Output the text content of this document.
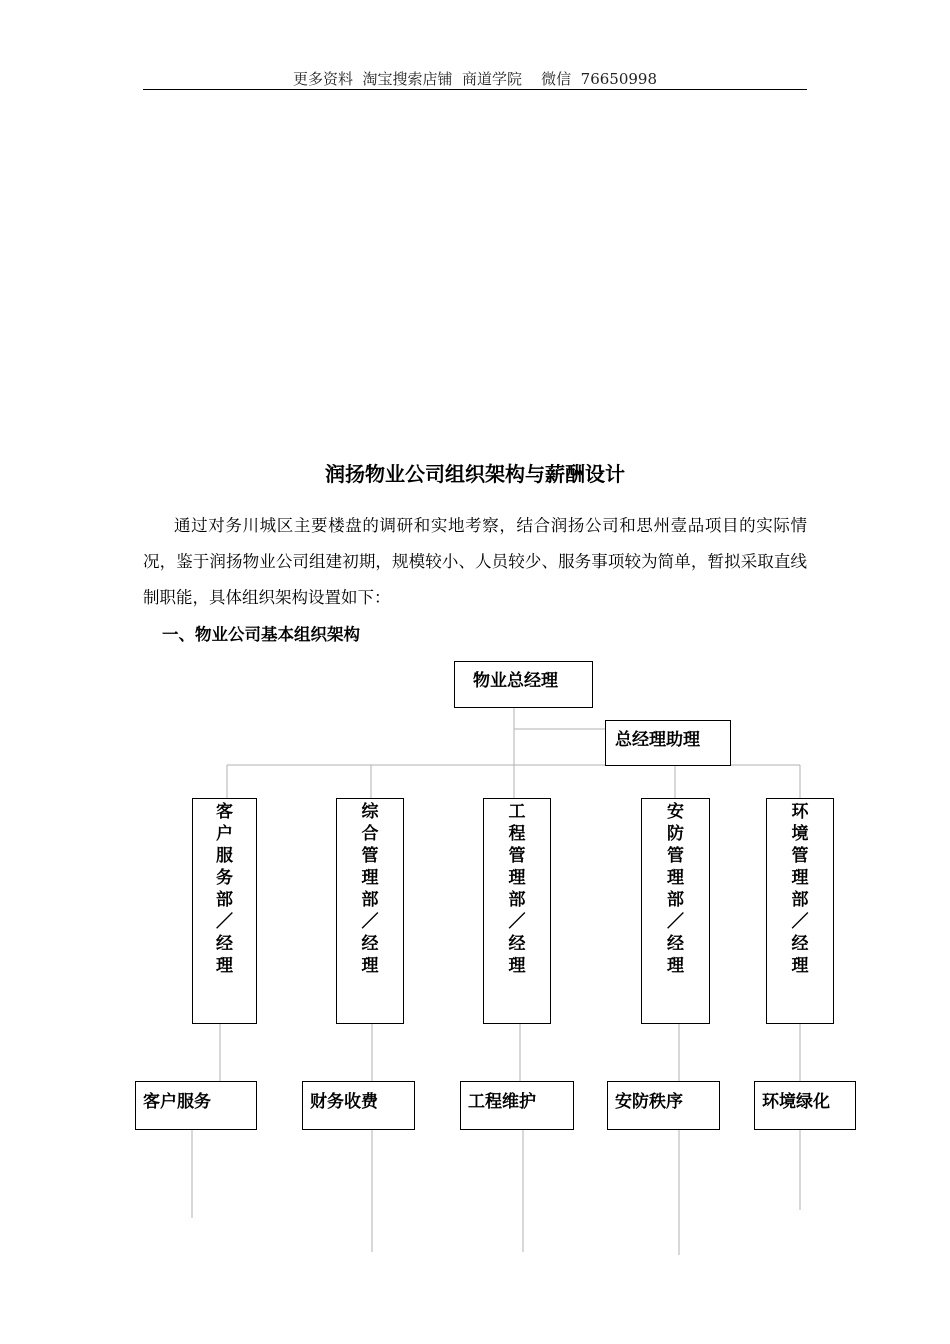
更多资料  淘宝搜索店铺  商道学院    微信  76650998
润扬物业公司组织架构与薪酬设计
通过对务川城区主要楼盘的调研和实地考察，结合润扬公司和思州壹品项目的实际情况，鉴于润扬物业公司组建初期，规模较小、人员较少、服务事项较为简单，暂拟采取直线制职能，具体组织架构设置如下：
一、物业公司基本组织架构
物业总经理
总经理助理
客户服务部／经理
综合管理部／经理
工程管理部／经理
安防管理部／经理
环境管理部／经理
客户服务	财务收费	工程维护	安防秩序	环境绿化
